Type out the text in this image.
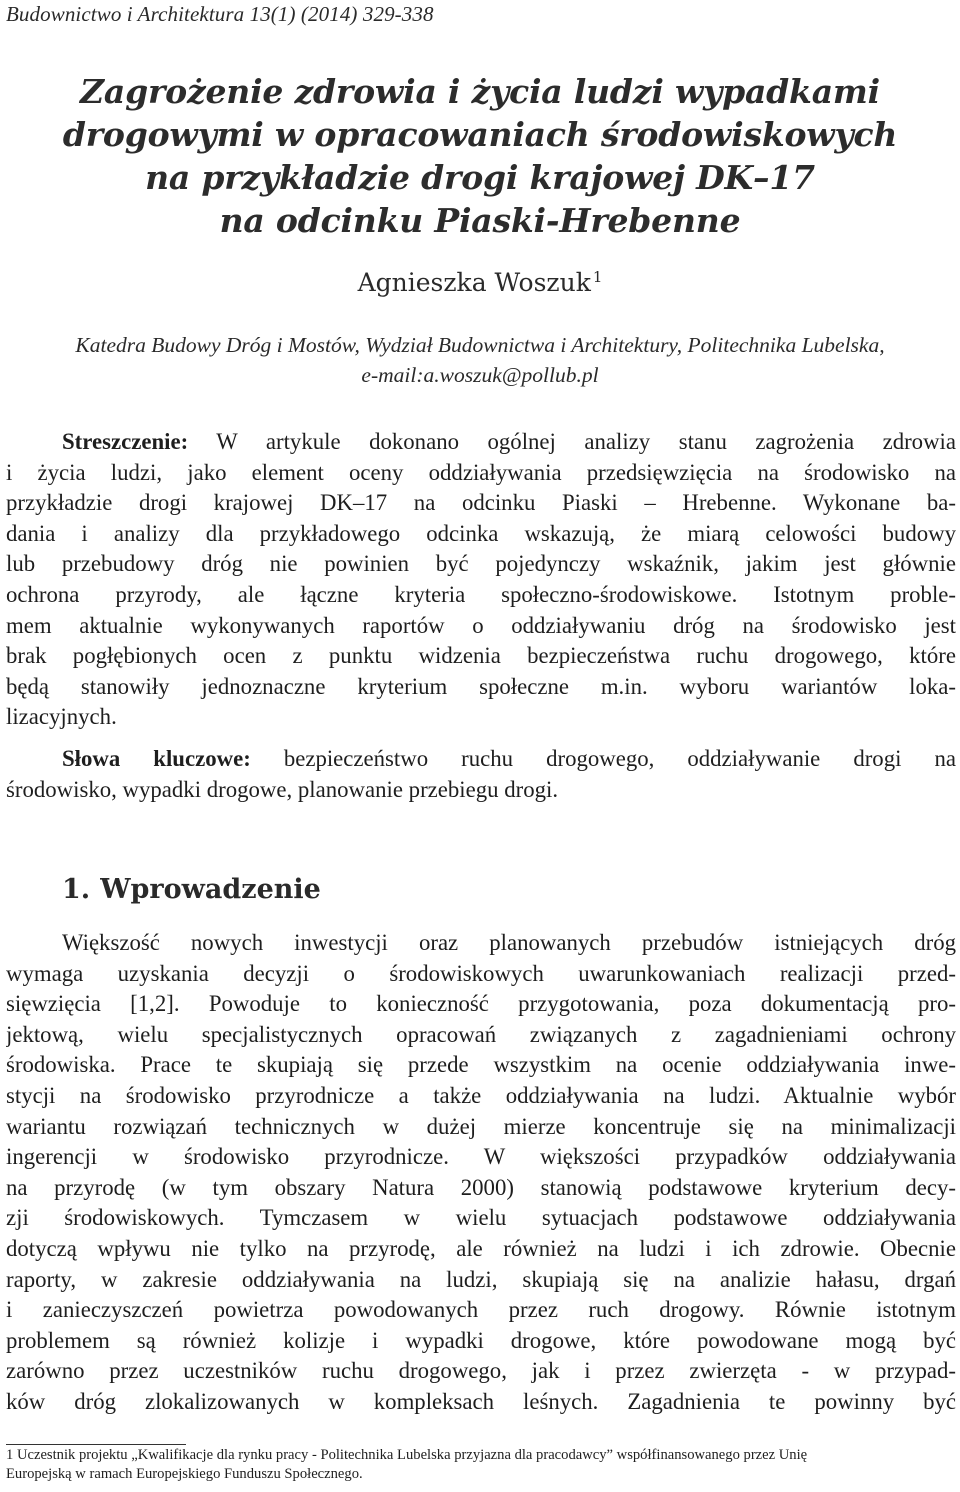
Budownictwo i Architektura 13(1) (2014) 329-338
Zagrożenie zdrowia i życia ludzi wypadkami
drogowymi w opracowaniach środowiskowych
na przykładzie drogi krajowej DK–17
na odcinku Piaski-Hrebenne
Agnieszka Woszuk $^1$
Katedra Budowy Dróg i Mostów, Wydział Budownictwa i Architektury, Politechnika Lubelska,
e-mail:a.woszuk@pollub.pl
Streszczenie: W artykule dokonano ogólnej analizy stanu zagrożenia zdrowia
i życia ludzi, jako element oceny oddziaływania przedsięwzięcia na środowisko na
przykładzie drogi krajowej DK–17 na odcinku Piaski – Hrebenne. Wykonane ba-
dania i analizy dla przykładowego odcinka wskazują, że miarą celowości budowy
lub przebudowy dróg nie powinien być pojedynczy wskaźnik, jakim jest głównie
ochrona przyrody, ale łączne kryteria społeczno-środowiskowe. Istotnym proble-
mem aktualnie wykonywanych raportów o oddziaływaniu dróg na środowisko jest
brak pogłębionych ocen z punktu widzenia bezpieczeństwa ruchu drogowego, które
będą stanowiły jednoznaczne kryterium społeczne m.in. wyboru wariantów loka-
lizacyjnych.
Słowa kluczowe: bezpieczeństwo ruchu drogowego, oddziaływanie drogi na
środowisko, wypadki drogowe, planowanie przebiegu drogi.
1. Wprowadzenie
Większość nowych inwestycji oraz planowanych przebudów istniejących dróg
wymaga uzyskania decyzji o środowiskowych uwarunkowaniach realizacji przed-
sięwzięcia [1,2]. Powoduje to konieczność przygotowania, poza dokumentacją pro-
jektową, wielu specjalistycznych opracowań związanych z zagadnieniami ochrony
środowiska. Prace te skupiają się przede wszystkim na ocenie oddziaływania inwe-
stycji na środowisko przyrodnicze a także oddziaływania na ludzi. Aktualnie wybór
wariantu rozwiązań technicznych w dużej mierze koncentruje się na minimalizacji
ingerencji w środowisko przyrodnicze. W większości przypadków oddziaływania
na przyrodę (w tym obszary Natura 2000) stanowią podstawowe kryterium decy-
zji środowiskowych. Tymczasem w wielu sytuacjach podstawowe oddziaływania
dotyczą wpływu nie tylko na przyrodę, ale również na ludzi i ich zdrowie. Obecnie
raporty, w zakresie oddziaływania na ludzi, skupiają się na analizie hałasu, drgań
i zanieczyszczeń powietrza powodowanych przez ruch drogowy. Równie istotnym
problemem są również kolizje i wypadki drogowe, które powodowane mogą być
zarówno przez uczestników ruchu drogowego, jak i przez zwierzęta - w przypad-
ków dróg zlokalizowanych w kompleksach leśnych. Zagadnienia te powinny być
1 Uczestnik projektu „Kwalifikacje dla rynku pracy - Politechnika Lubelska przyjazna dla pracodawcy” współfinansowanego przez Unię
Europejską w ramach Europejskiego Funduszu Społecznego.
